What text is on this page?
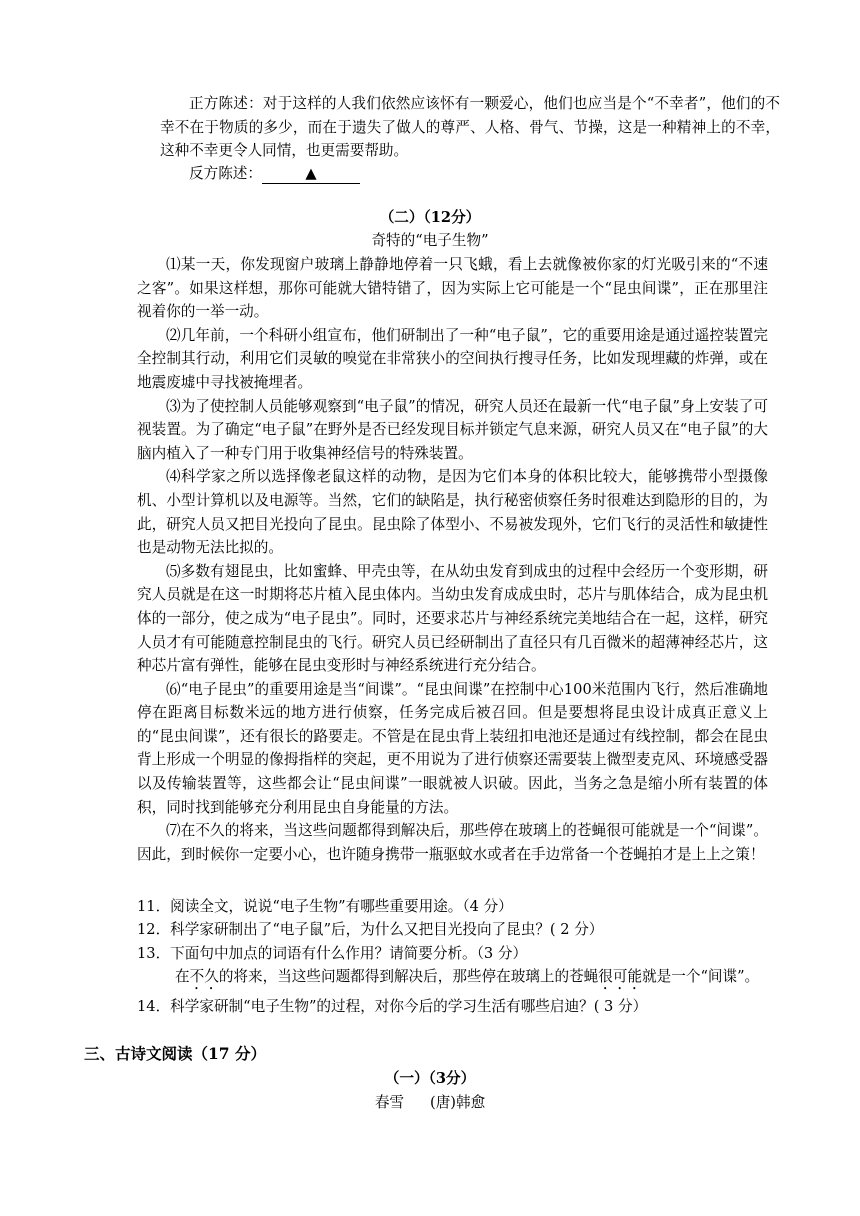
正方陈述：对于这样的人我们依然应该怀有一颗爱心，他们也应当是个“不幸者”，他们的不幸不在于物质的多少，而在于遗失了做人的尊严、人格、骨气、节操，这是一种精神上的不幸，这种不幸更令人同情，也更需要帮助。

反方陈述：	▲

（二）（12分）

奇特的“电子生物”

⑴某一天，你发现窗户玻璃上静静地停着一只飞蛾，看上去就像被你家的灯光吸引来的“不速之客”。如果这样想，那你可能就大错特错了，因为实际上它可能是一个“昆虫间谍”，正在那里注视着你的一举一动。

⑵几年前，一个科研小组宣布，他们研制出了一种“电子鼠”，它的重要用途是通过遥控装置完全控制其行动，利用它们灵敏的嗅觉在非常狭小的空间执行搜寻任务，比如发现埋藏的炸弹，或在地震废墟中寻找被掩埋者。

⑶为了使控制人员能够观察到“电子鼠”的情况，研究人员还在最新一代“电子鼠”身上安装了可视装置。为了确定“电子鼠”在野外是否已经发现目标并锁定气息来源，研究人员又在“电子鼠”的大脑内植入了一种专门用于收集神经信号的特殊装置。

⑷科学家之所以选择像老鼠这样的动物，是因为它们本身的体积比较大，能够携带小型摄像机、小型计算机以及电源等。当然，它们的缺陷是，执行秘密侦察任务时很难达到隐形的目的，为此，研究人员又把目光投向了昆虫。昆虫除了体型小、不易被发现外，它们飞行的灵活性和敏捷性也是动物无法比拟的。

⑸多数有翅昆虫，比如蜜蜂、甲壳虫等，在从幼虫发育到成虫的过程中会经历一个变形期，研究人员就是在这一时期将芯片植入昆虫体内。当幼虫发育成成虫时，芯片与肌体结合，成为昆虫机体的一部分，使之成为“电子昆虫”。同时，还要求芯片与神经系统完美地结合在一起，这样，研究人员才有可能随意控制昆虫的飞行。研究人员已经研制出了直径只有几百微米的超薄神经芯片，这种芯片富有弹性，能够在昆虫变形时与神经系统进行充分结合。

⑹“电子昆虫”的重要用途是当“间谍”。“昆虫间谍”在控制中心100米范围内飞行，然后准确地停在距离目标数米远的地方进行侦察，任务完成后被召回。但是要想将昆虫设计成真正意义上的“昆虫间谍”，还有很长的路要走。不管是在昆虫背上装纽扣电池还是通过有线控制，都会在昆虫背上形成一个明显的像拇指样的突起，更不用说为了进行侦察还需要装上微型麦克风、环境感受器以及传输装置等，这些都会让“昆虫间谍”一眼就被人识破。因此，当务之急是缩小所有装置的体积，同时找到能够充分利用昆虫自身能量的方法。

⑺在不久的将来，当这些问题都得到解决后，那些停在玻璃上的苍蝇很可能就是一个“间谍”。因此，到时候你一定要小心，也许随身携带一瓶驱蚊水或者在手边常备一个苍蝇拍才是上上之策！

11．阅读全文，说说“电子生物”有哪些重要用途。（4 分）

12．科学家研制出了“电子鼠”后，为什么又把目光投向了昆虫？( 2 分）

13．下面句中加点的词语有什么作用？请简要分析。（3 分）

在不久的将来，当这些问题都得到解决后，那些停在玻璃上的苍蝇很可能就是一个“间谍”。

14．科学家研制“电子生物”的过程，对你今后的学习生活有哪些启迪？( 3 分）

三、古诗文阅读（17 分）

（一）（3分）

春雪 (唐)韩愈
